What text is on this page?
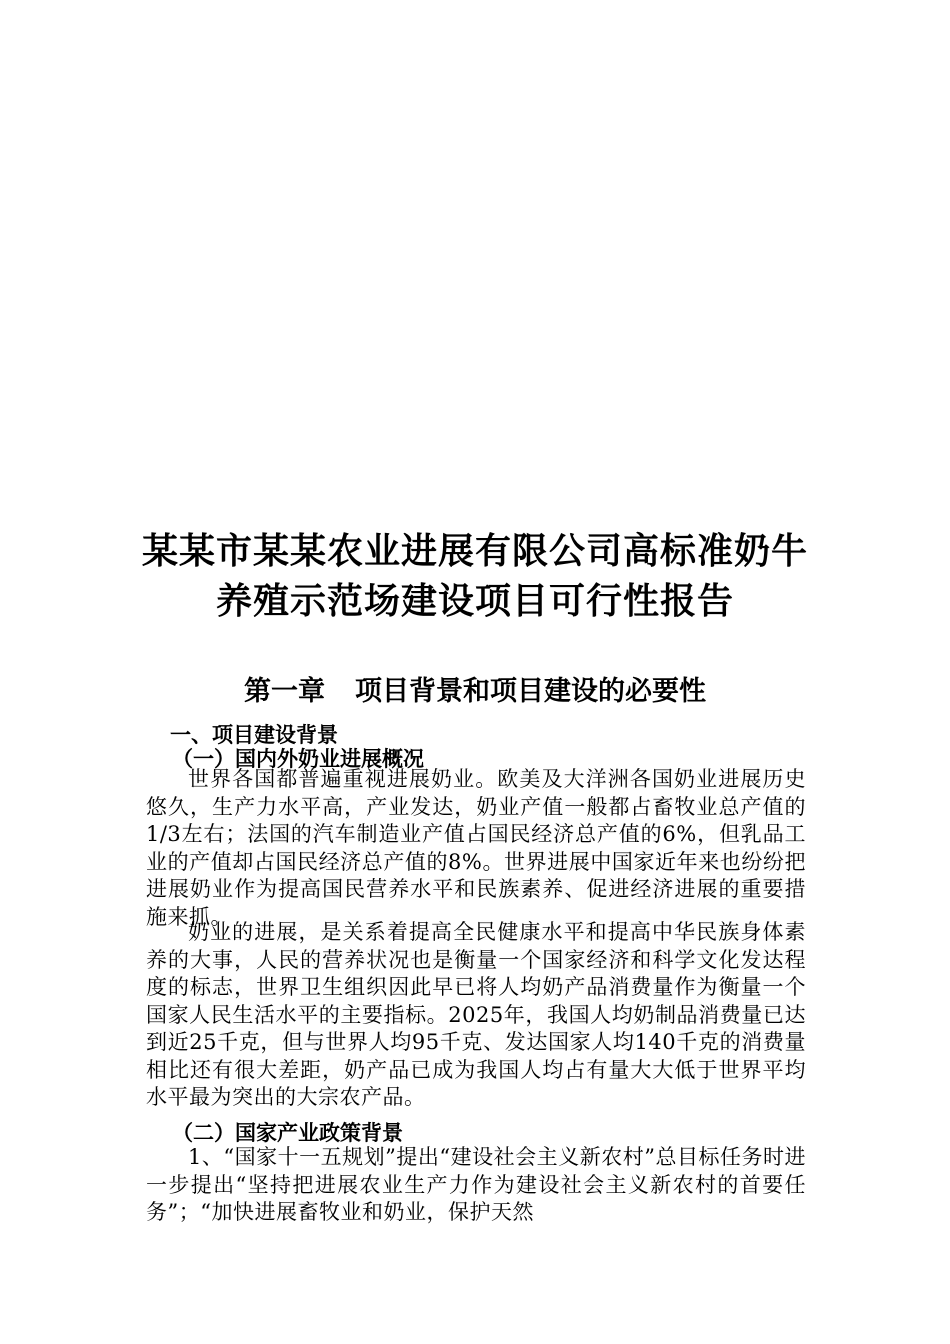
某某市某某农业进展有限公司高标准奶牛
养殖示范场建设项目可行性报告
第一章 项目背景和项目建设的必要性
一、项目建设背景
（一）国内外奶业进展概况

世界各国都普遍重视进展奶业。欧美及大洋洲各国奶业进展历史悠久，生产力水平高，产业发达，奶业产值一般都占畜牧业总产值的1/3左右；法国的汽车制造业产值占国民经济总产值的6%，但乳品工业的产值却占国民经济总产值的8%。世界进展中国家近年来也纷纷把进展奶业作为提高国民营养水平和民族素养、促进经济进展的重要措施来抓。

奶业的进展，是关系着提高全民健康水平和提高中华民族身体素养的大事，人民的营养状况也是衡量一个国家经济和科学文化发达程度的标志，世界卫生组织因此早已将人均奶产品消费量作为衡量一个国家人民生活水平的主要指标。2025年，我国人均奶制品消费量已达到近25千克，但与世界人均95千克、发达国家人均140千克的消费量相比还有很大差距，奶产品已成为我国人均占有量大大低于世界平均水平最为突出的大宗农产品。

（二）国家产业政策背景

1、“国家十一五规划”提出“建设社会主义新农村”总目标任务时进一步提出“坚持把进展农业生产力作为建设社会主义新农村的首要任务”；“加快进展畜牧业和奶业，保护天然
